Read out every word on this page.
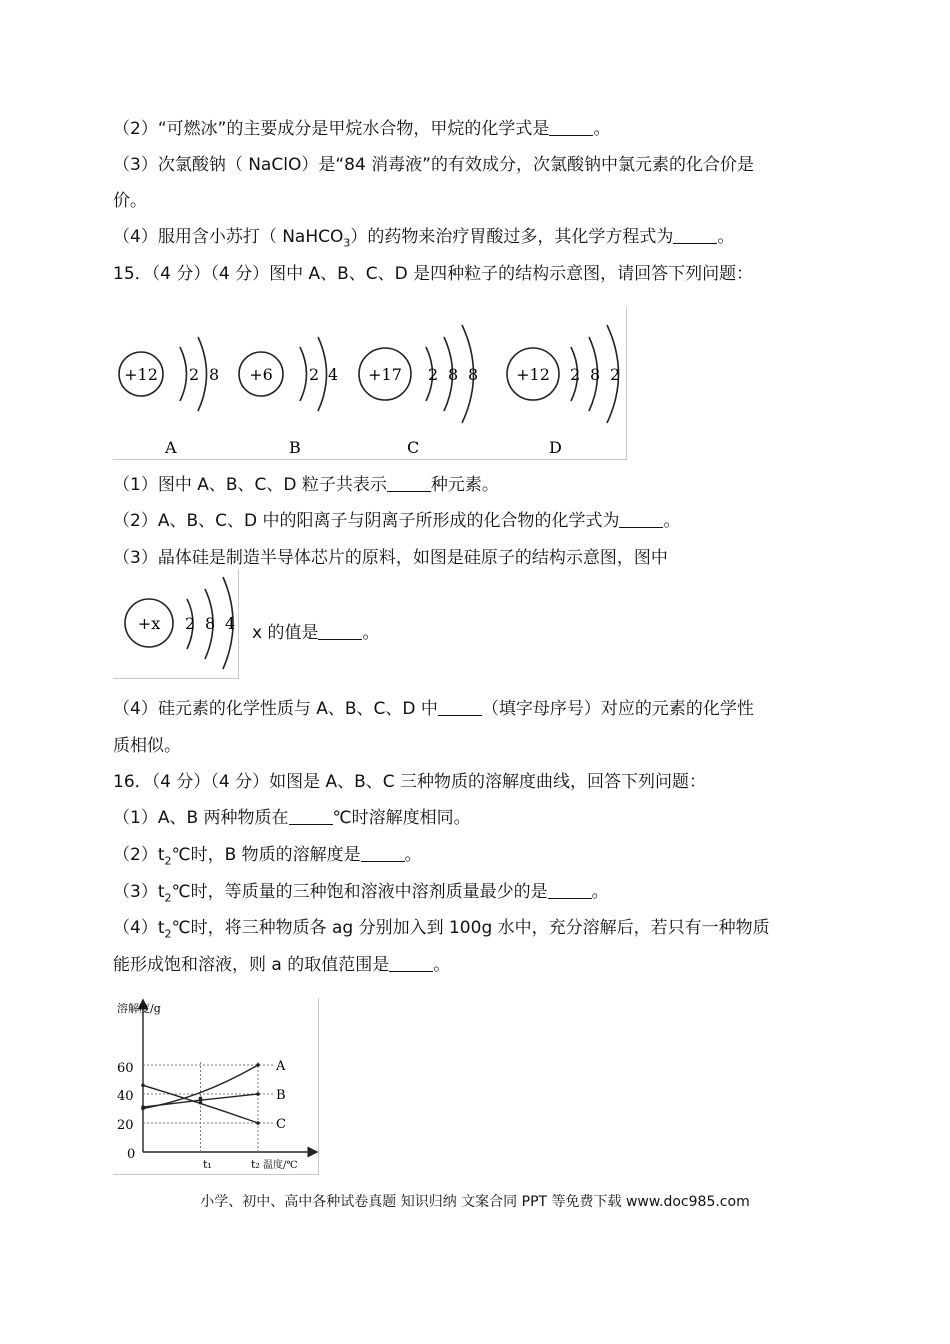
（2）“可燃冰”的主要成分是甲烷水合物，甲烷的化学式是	。
（3）次氯酸钠（ NaClO）是“84 消毒液”的有效成分，次氯酸钠中氯元素的化合价是
价。
（4）服用含小苏打（ NaHCO$_3$）的药物来治疗胃酸过多，其化学方程式为	。
15．（4 分）（4 分）图中 A、B、C、D 是四种粒子的结构示意图，请回答下列问题：
+12 2 8
A
+6 2 4
B
+17 2 8 8
C
+12 2 8 2
D
（1）图中 A、B、C、D 粒子共表示	种元素。
（2）A、B、C、D 中的阳离子与阴离子所形成的化合物的化学式为	。
（3）晶体硅是制造半导体芯片的原料，如图是硅原子的结构示意图，图中
+x 2 8 4 x 的值是	。
（4）硅元素的化学性质与 A、B、C、D 中	（填字母序号）对应的元素的化学性
质相似。
16．（4 分）（4 分）如图是 A、B、C 三种物质的溶解度曲线，回答下列问题：
（1）A、B 两种物质在	℃时溶解度相同。
$(2)t_2℃$时，B 物质的溶解度是	。
$(3)t_2℃$时，等质量的三种饱和溶液中溶剂质量最少的是	。
$(4)t_2℃$时，将三种物质各 ag 分别加入到 100g 水中，充分溶解后，若只有一种物质
能形成饱和溶液，则 a 的取值范围是	。
溶解度/g
温度/℃
60
40
20
0
t₁	t₂
A
B
C
小学、初中、高中各种试卷真题 知识归纳 文案合同 PPT 等免费下载 www.doc985.com
